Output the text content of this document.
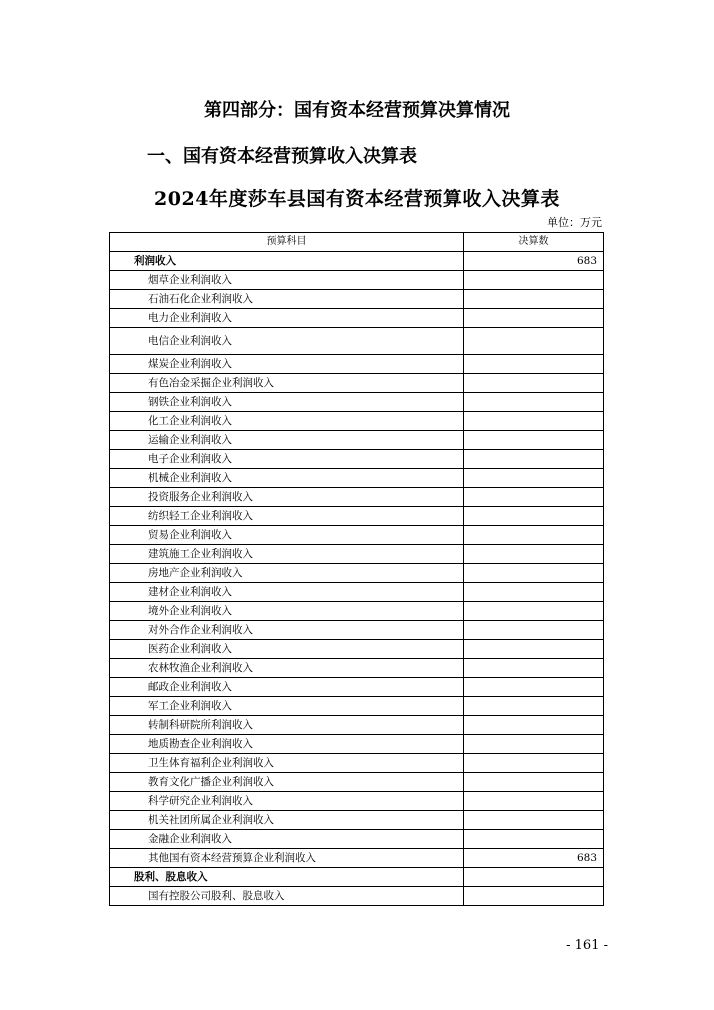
第四部分：国有资本经营预算决算情况
一、国有资本经营预算收入决算表
2024年度莎车县国有资本经营预算收入决算表
单位：万元
预算科目	决算数
利润收入	683
烟草企业利润收入	
石油石化企业利润收入	
电力企业利润收入	
电信企业利润收入	
煤炭企业利润收入	
有色冶金采掘企业利润收入	
钢铁企业利润收入	
化工企业利润收入	
运输企业利润收入	
电子企业利润收入	
机械企业利润收入	
投资服务企业利润收入	
纺织轻工企业利润收入	
贸易企业利润收入	
建筑施工企业利润收入	
房地产企业利润收入	
建材企业利润收入	
境外企业利润收入	
对外合作企业利润收入	
医药企业利润收入	
农林牧渔企业利润收入	
邮政企业利润收入	
军工企业利润收入	
转制科研院所利润收入	
地质勘查企业利润收入	
卫生体育福利企业利润收入	
教育文化广播企业利润收入	
科学研究企业利润收入	
机关社团所属企业利润收入	
金融企业利润收入	
其他国有资本经营预算企业利润收入	683
股利、股息收入	
国有控股公司股利、股息收入	
- 161 -
